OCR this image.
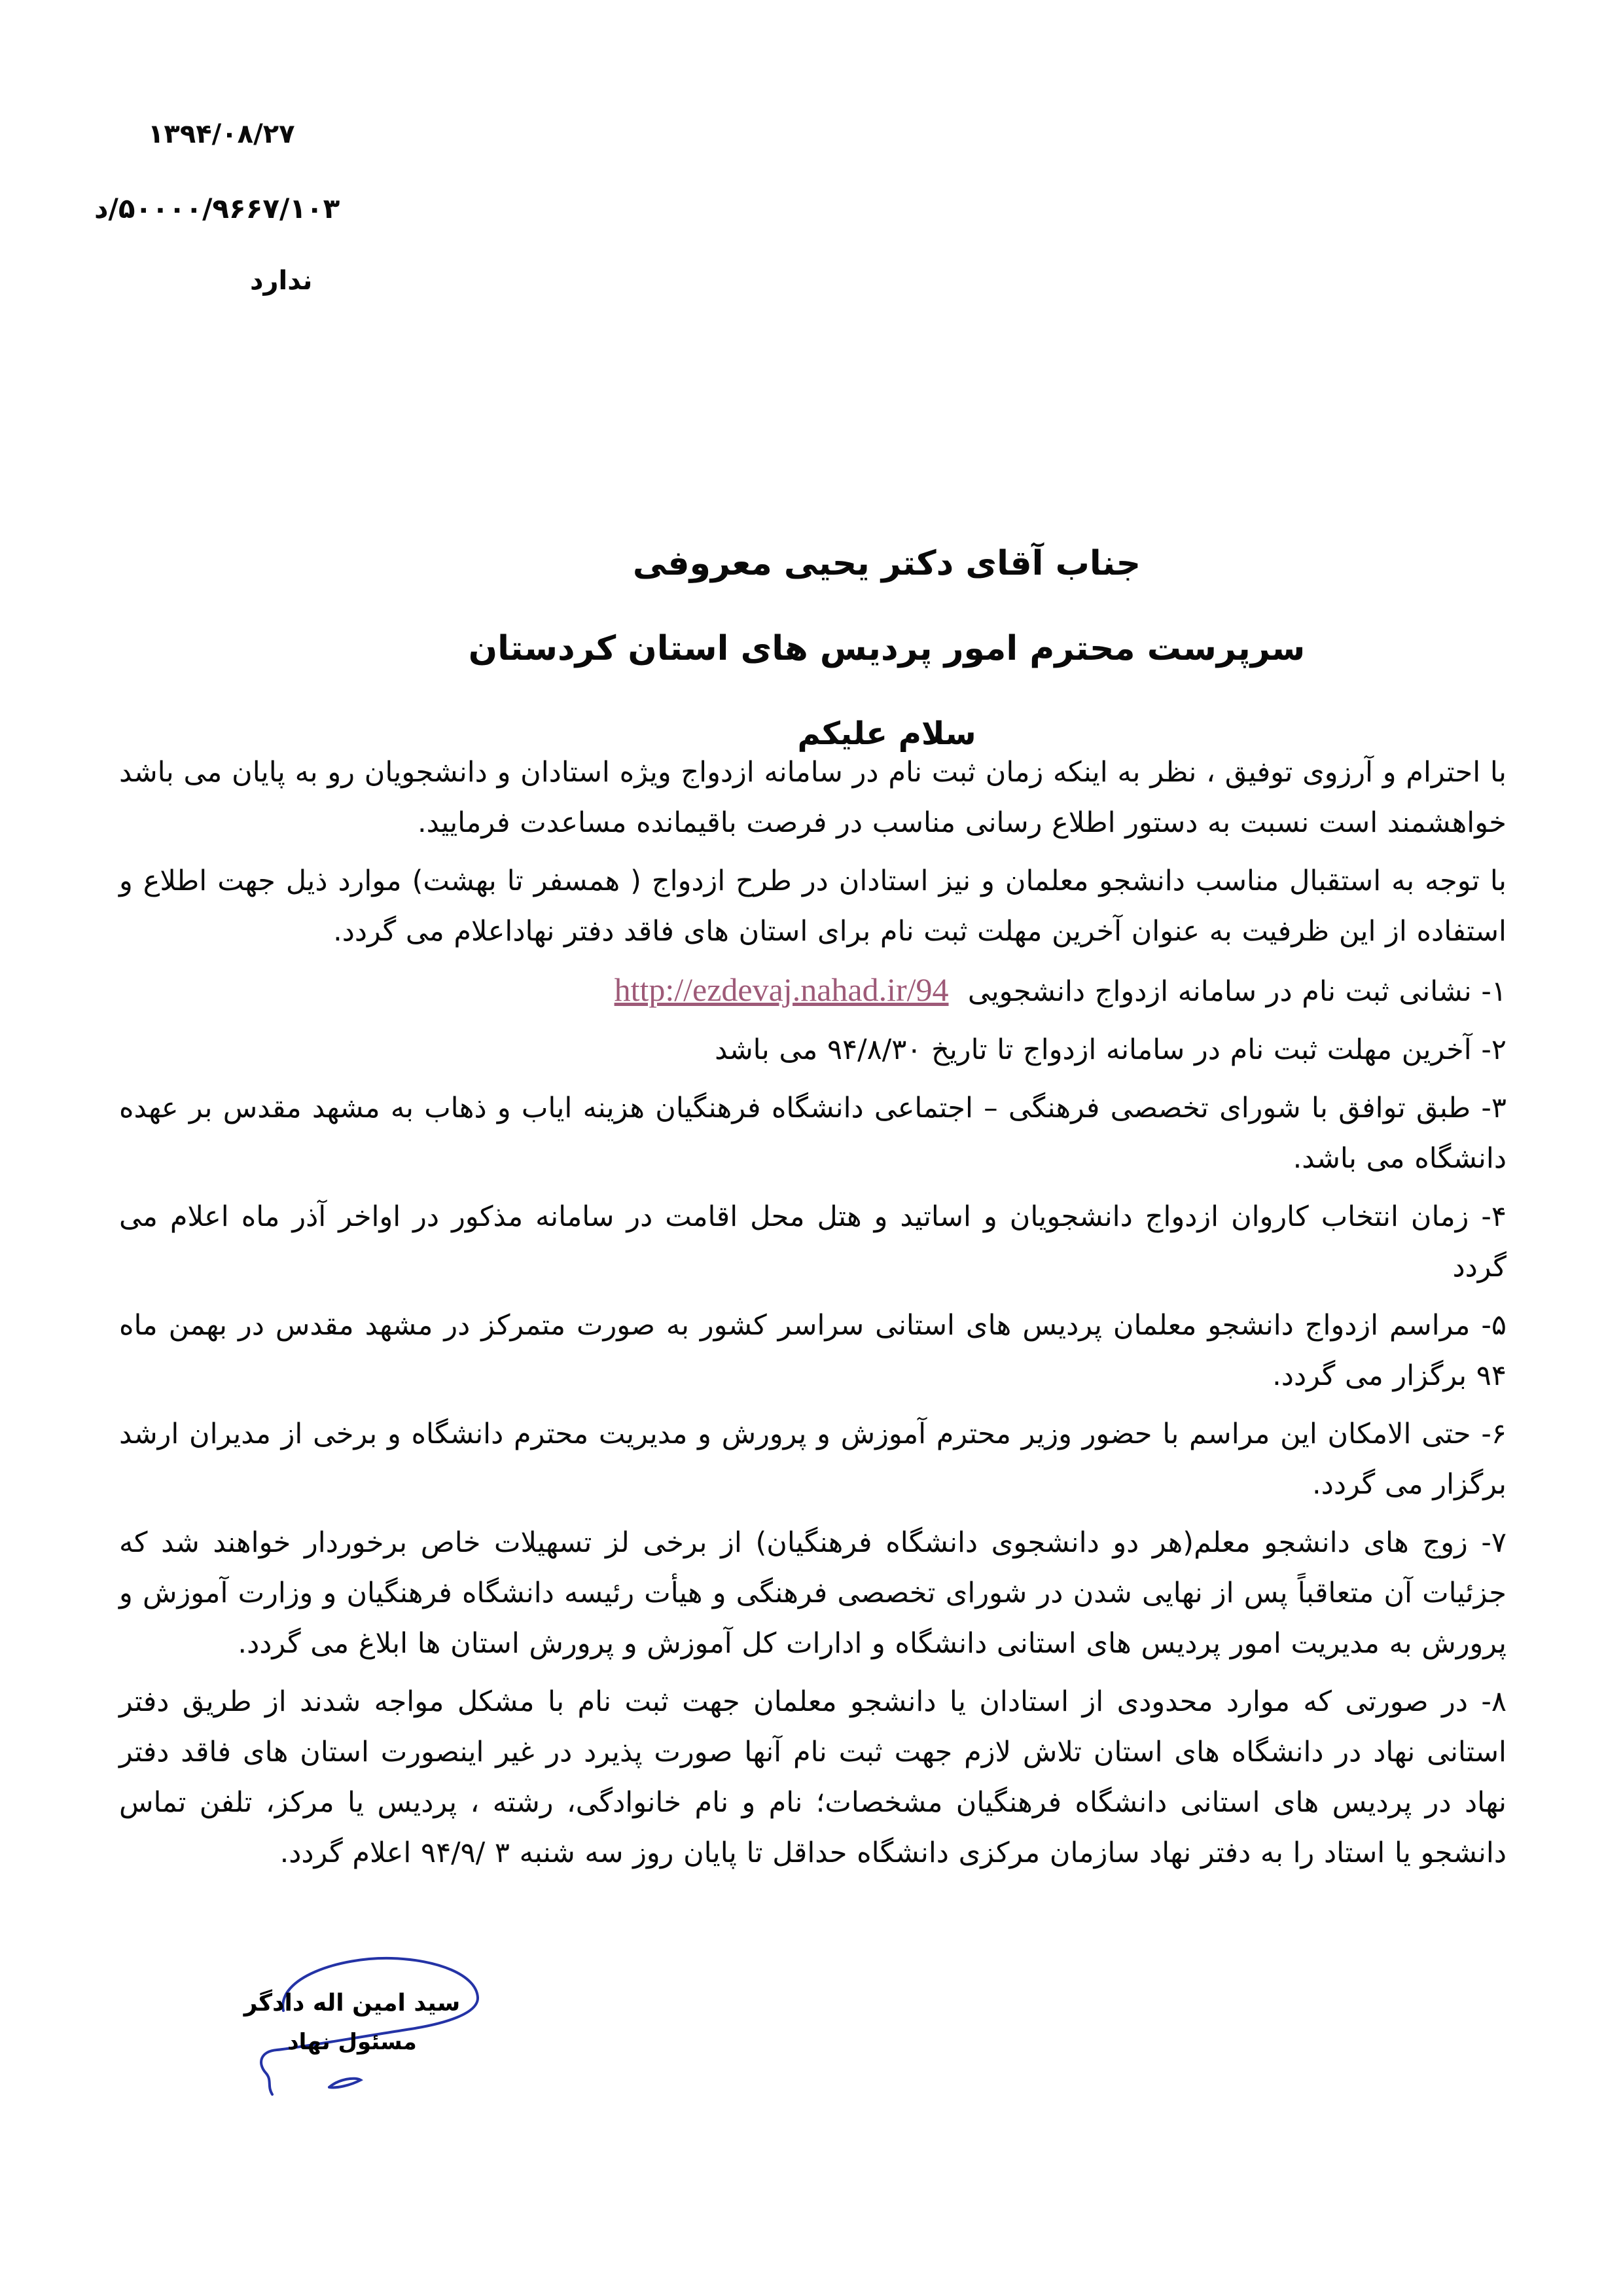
۱۳۹۴/۰۸/۲۷
۵۰۰۰۰/۹۶۶۷/۱۰۳/د
ندارد
جناب آقای دکتر یحیی معروفی
سرپرست محترم امور پردیس های استان کردستان
سلام علیکم

با احترام و آرزوی توفیق ، نظر به اینکه زمان ثبت نام در سامانه ازدواج ویژه استادان و دانشجویان رو به پایان می باشد خواهشمند است نسبت به دستور اطلاع رسانی مناسب در فرصت باقیمانده مساعدت فرمایید.

با توجه به استقبال مناسب دانشجو معلمان و نیز استادان در طرح ازدواج ( همسفر تا بهشت) موارد ذیل جهت اطلاع و استفاده از این ظرفیت به عنوان آخرین مهلت ثبت نام برای استان های فاقد دفتر نهاداعلام می گردد.

۱- نشانی ثبت نام در سامانه ازدواج دانشجویی  http://ezdevaj.nahad.ir/94

۲- آخرین مهلت ثبت نام در سامانه ازدواج تا تاریخ ۹۴/۸/۳۰ می باشد

۳- طبق توافق با شورای تخصصی فرهنگی – اجتماعی دانشگاه فرهنگیان هزینه ایاب و ذهاب به مشهد مقدس بر عهده دانشگاه می باشد.

۴- زمان انتخاب کاروان ازدواج دانشجویان و اساتید و هتل محل اقامت در سامانه مذکور در اواخر آذر ماه اعلام می گردد

۵- مراسم ازدواج دانشجو معلمان پردیس های استانی سراسر کشور به صورت متمرکز در مشهد مقدس در بهمن ماه ۹۴ برگزار می گردد.

۶- حتی الامکان این مراسم با حضور وزیر محترم آموزش و پرورش و مدیریت محترم دانشگاه و برخی از مدیران ارشد برگزار می گردد.

۷- زوج های دانشجو معلم(هر دو دانشجوی دانشگاه فرهنگیان) از برخی لز تسهیلات خاص برخوردار خواهند شد که جزئیات آن متعاقباً پس از نهایی شدن در شورای تخصصی فرهنگی و هیأت رئیسه دانشگاه فرهنگیان و وزارت آموزش و پرورش به مدیریت امور پردیس های استانی دانشگاه و ادارات کل آموزش و پرورش استان ها ابلاغ می گردد.

۸- در صورتی که موارد محدودی از استادان یا دانشجو معلمان جهت ثبت نام با مشکل مواجه شدند از طریق دفتر استانی نهاد در دانشگاه های استان تلاش لازم جهت ثبت نام آنها صورت پذیرد در غیر اینصورت استان های فاقد دفتر نهاد در پردیس های استانی دانشگاه فرهنگیان مشخصات؛ نام و نام خانوادگی، رشته ، پردیس یا مرکز، تلفن تماس دانشجو یا استاد را به دفتر نهاد سازمان مرکزی دانشگاه حداقل تا پایان روز سه شنبه ۳ /۹۴/۹ اعلام گردد.

سید امین اله دادگر
مسئول نهاد
